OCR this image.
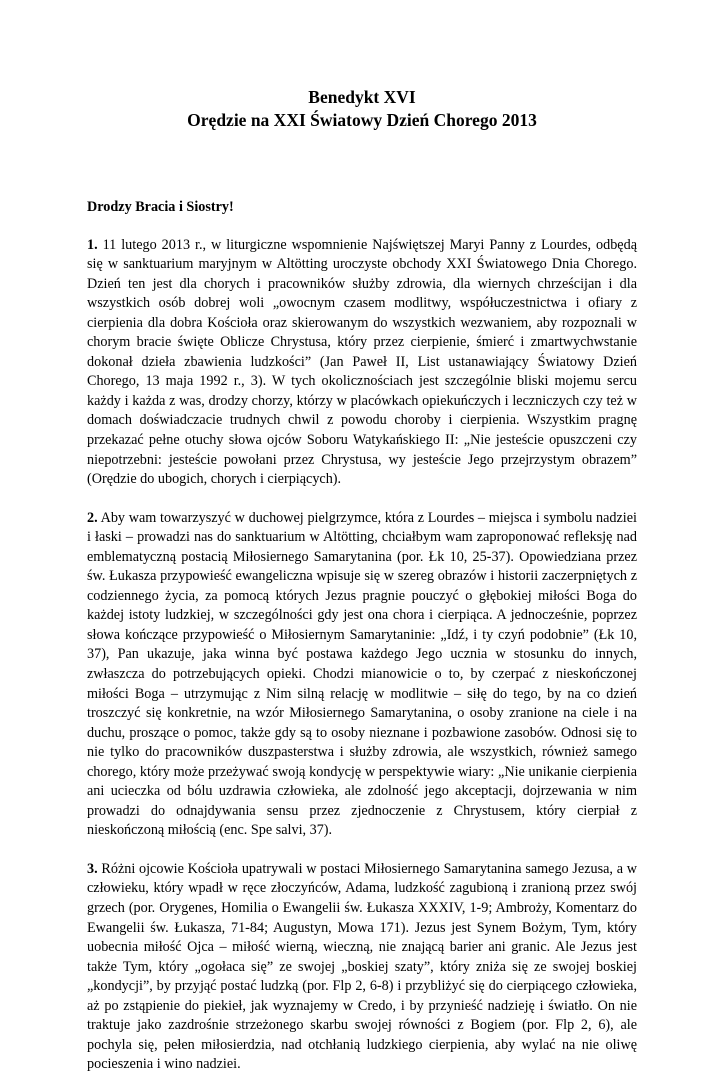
Benedykt XVI
Orędzie na XXI Światowy Dzień Chorego 2013

Drodzy Bracia i Siostry!

1. 11 lutego 2013 r., w liturgiczne wspomnienie Najświętszej Maryi Panny z Lourdes, odbędą się w sanktuarium maryjnym w Altötting uroczyste obchody XXI Światowego Dnia Chorego. Dzień ten jest dla chorych i pracowników służby zdrowia, dla wiernych chrześcijan i dla wszystkich osób dobrej woli „owocnym czasem modlitwy, współuczestnictwa i ofiary z cierpienia dla dobra Kościoła oraz skierowanym do wszystkich wezwaniem, aby rozpoznali w chorym bracie święte Oblicze Chrystusa, który przez cierpienie, śmierć i zmartwychwstanie dokonał dzieła zbawienia ludzkości” (Jan Paweł II, List ustanawiający Światowy Dzień Chorego, 13 maja 1992 r., 3). W tych okolicznościach jest szczególnie bliski mojemu sercu każdy i każda z was, drodzy chorzy, którzy w placówkach opiekuńczych i leczniczych czy też w domach doświadczacie trudnych chwil z powodu choroby i cierpienia. Wszystkim pragnę przekazać pełne otuchy słowa ojców Soboru Watykańskiego II: „Nie jesteście opuszczeni czy niepotrzebni: jesteście powołani przez Chrystusa, wy jesteście Jego przejrzystym obrazem” (Orędzie do ubogich, chorych i cierpiących).

2. Aby wam towarzyszyć w duchowej pielgrzymce, która z Lourdes – miejsca i symbolu nadziei i łaski – prowadzi nas do sanktuarium w Altötting, chciałbym wam zaproponować refleksję nad emblematyczną postacią Miłosiernego Samarytanina (por. Łk 10, 25-37). Opowiedziana przez św. Łukasza przypowieść ewangeliczna wpisuje się w szereg obrazów i historii zaczerpniętych z codziennego życia, za pomocą których Jezus pragnie pouczyć o głębokiej miłości Boga do każdej istoty ludzkiej, w szczególności gdy jest ona chora i cierpiąca. A jednocześnie, poprzez słowa kończące przypowieść o Miłosiernym Samarytaninie: „Idź, i ty czyń podobnie” (Łk 10, 37), Pan ukazuje, jaka winna być postawa każdego Jego ucznia w stosunku do innych, zwłaszcza do potrzebujących opieki. Chodzi mianowicie o to, by czerpać z nieskończonej miłości Boga – utrzymując z Nim silną relację w modlitwie – siłę do tego, by na co dzień troszczyć się konkretnie, na wzór Miłosiernego Samarytanina, o osoby zranione na ciele i na duchu, proszące o pomoc, także gdy są to osoby nieznane i pozbawione zasobów. Odnosi się to nie tylko do pracowników duszpasterstwa i służby zdrowia, ale wszystkich, również samego chorego, który może przeżywać swoją kondycję w perspektywie wiary: „Nie unikanie cierpienia ani ucieczka od bólu uzdrawia człowieka, ale zdolność jego akceptacji, dojrzewania w nim prowadzi do odnajdywania sensu przez zjednoczenie z Chrystusem, który cierpiał z nieskończoną miłością (enc. Spe salvi, 37).

3. Różni ojcowie Kościoła upatrywali w postaci Miłosiernego Samarytanina samego Jezusa, a w człowieku, który wpadł w ręce złoczyńców, Adama, ludzkość zagubioną i zranioną przez swój grzech (por. Orygenes, Homilia o Ewangelii św. Łukasza XXXIV, 1-9; Ambroży, Komentarz do Ewangelii św. Łukasza, 71-84; Augustyn, Mowa 171). Jezus jest Synem Bożym, Tym, który uobecnia miłość Ojca – miłość wierną, wieczną, nie znającą barier ani granic. Ale Jezus jest także Tym, który „ogołaca się” ze swojej „boskiej szaty”, który zniża się ze swojej boskiej „kondycji”, by przyjąć postać ludzką (por. Flp 2, 6-8) i przybliżyć się do cierpiącego człowieka, aż po zstąpienie do piekieł, jak wyznajemy w Credo, i by przynieść nadzieję i światło. On nie traktuje jako zazdrośnie strzeżonego skarbu swojej równości z Bogiem (por. Flp 2, 6), ale pochyla się, pełen miłosierdzia, nad otchłanią ludzkiego cierpienia, aby wylać na nie oliwę pocieszenia i wino nadziei.
